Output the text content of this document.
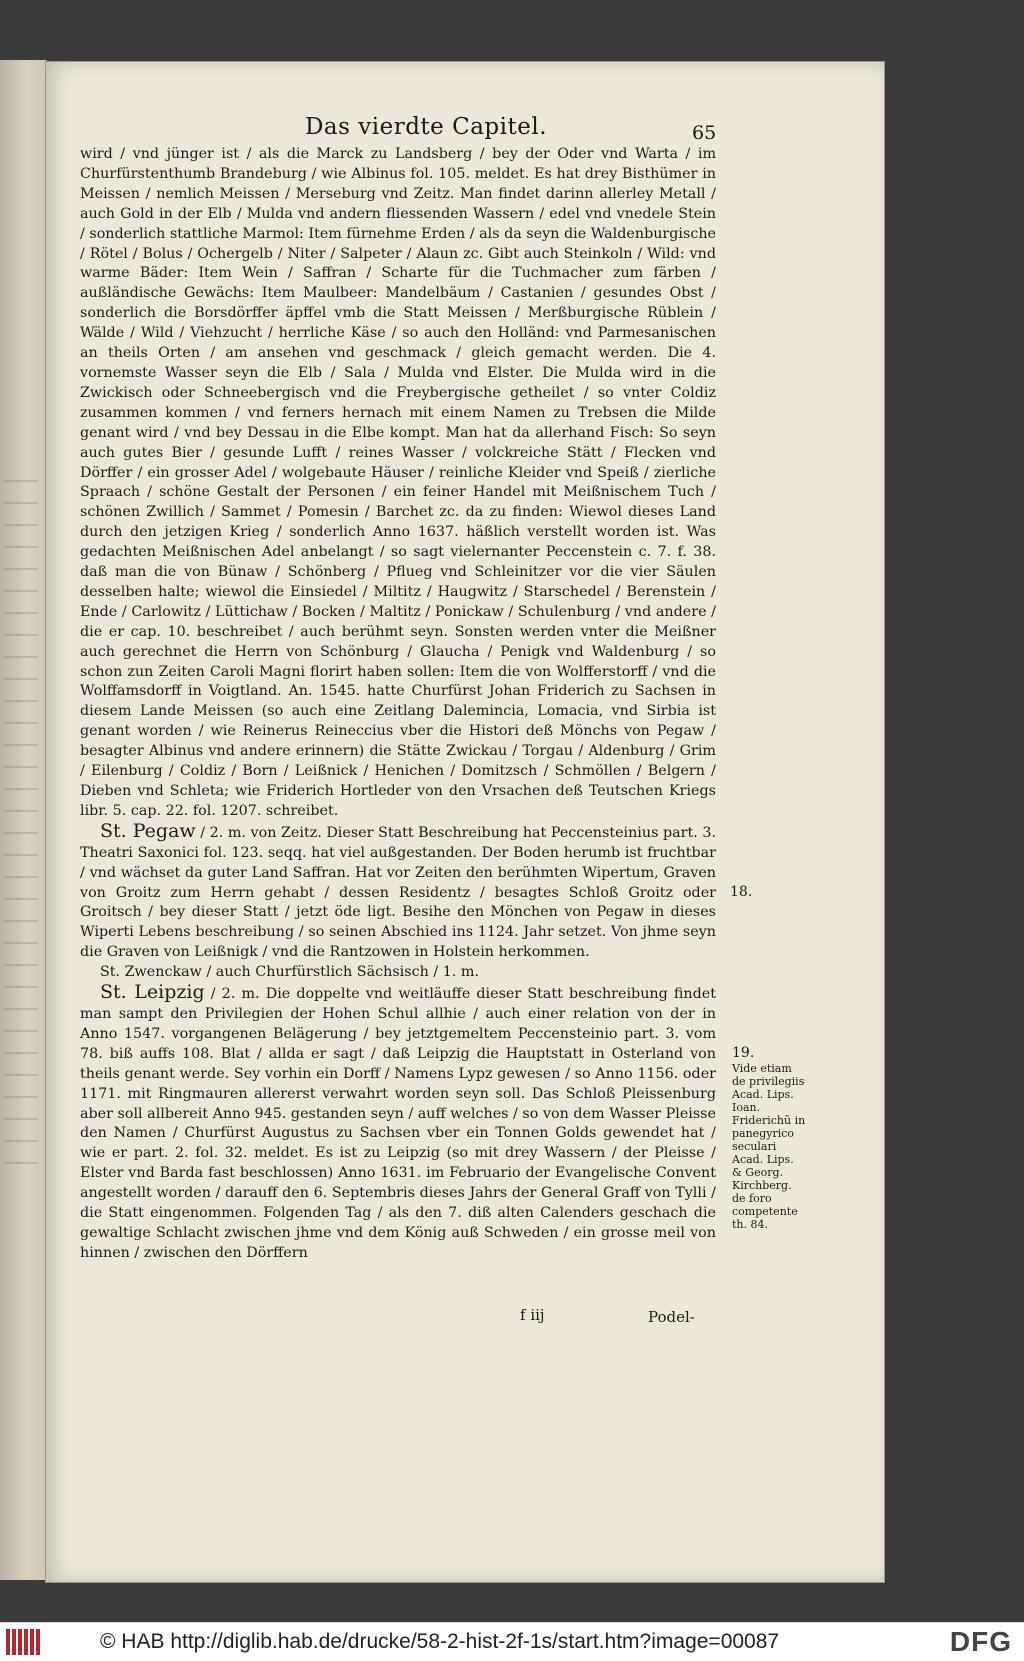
Das vierdte Capitel.	65

wird / vnd jünger ist / als die Marck zu Landsberg / bey der Oder vnd Warta / im Churfürstenthumb Brandeburg / wie Albinus fol. 105. meldet. Es hat drey Bisthümer in Meissen / nemlich Meissen / Merseburg vnd Zeitz. Man findet darinn allerley Metall / auch Gold in der Elb / Mulda vnd andern fliessenden Wassern / edel vnd vnedele Stein / sonderlich stattliche Marmol: Item fürnehme Erden / als da seyn die Waldenburgische / Rötel / Bolus / Ochergelb / Niter / Salpeter / Alaun zc. Gibt auch Steinkoln / Wild: vnd warme Bäder: Item Wein / Saffran / Scharte für die Tuchmacher zum färben / außländische Gewächs: Item Maulbeer: Mandelbäum / Castanien / gesundes Obst / sonderlich die Borsdörffer äpffel vmb die Statt Meissen / Merßburgische Rüblein / Wälde / Wild / Viehzucht / herrliche Käse / so auch den Holländ: vnd Parmesanischen an theils Orten / am ansehen vnd geschmack / gleich gemacht werden. Die 4. vornemste Wasser seyn die Elb / Sala / Mulda vnd Elster. Die Mulda wird in die Zwickisch oder Schneebergisch vnd die Freybergische getheilet / so vnter Coldiz zusammen kommen / vnd ferners hernach mit einem Namen zu Trebsen die Milde genant wird / vnd bey Dessau in die Elbe kompt. Man hat da allerhand Fisch: So seyn auch gutes Bier / gesunde Lufft / reines Wasser / volckreiche Stätt / Flecken vnd Dörffer / ein grosser Adel / wolgebaute Häuser / reinliche Kleider vnd Speiß / zierliche Spraach / schöne Gestalt der Personen / ein feiner Handel mit Meißnischem Tuch / schönen Zwillich / Sammet / Pomesin / Barchet zc. da zu finden: Wiewol dieses Land durch den jetzigen Krieg / sonderlich Anno 1637. häßlich verstellt worden ist. Was gedachten Meißnischen Adel anbelangt / so sagt vielernanter Peccenstein c. 7. f. 38. daß man die von Bünaw / Schönberg / Pflueg vnd Schleinitzer vor die vier Säulen desselben halte; wiewol die Einsiedel / Miltitz / Haugwitz / Starschedel / Berenstein / Ende / Carlowitz / Lüttichaw / Bocken / Maltitz / Ponickaw / Schulenburg / vnd andere / die er cap. 10. beschreibet / auch berühmt seyn. Sonsten werden vnter die Meißner auch gerechnet die Herrn von Schönburg / Glaucha / Penigk vnd Waldenburg / so schon zun Zeiten Caroli Magni florirt haben sollen: Item die von Wolfferstorff / vnd die Wolffamsdorff in Voigtland. An. 1545. hatte Churfürst Johan Friderich zu Sachsen in diesem Lande Meissen (so auch eine Zeitlang Dalemincia, Lomacia, vnd Sirbia ist genant worden / wie Reinerus Reineccius vber die Histori deß Mönchs von Pegaw / besagter Albinus vnd andere erinnern) die Stätte Zwickau / Torgau / Aldenburg / Grim / Eilenburg / Coldiz / Born / Leißnick / Henichen / Domitzsch / Schmöllen / Belgern / Dieben vnd Schleta; wie Friderich Hortleder von den Vrsachen deß Teutschen Kriegs libr. 5. cap. 22. fol. 1207. schreibet.

St. Pegaw / 2. m. von Zeitz. Dieser Statt Beschreibung hat Peccensteinius part. 3. Theatri Saxonici fol. 123. seqq. hat viel außgestanden. Der Boden herumb ist fruchtbar / vnd wächset da guter Land Saffran. Hat vor Zeiten den berühmten Wipertum, Graven von Groitz zum Herrn gehabt / dessen Residentz / besagtes Schloß Groitz oder Groitsch / bey dieser Statt / jetzt öde ligt. Besihe den Mönchen von Pegaw in dieses Wiperti Lebens beschreibung / so seinen Abschied ins 1124. Jahr setzet. Von jhme seyn die Graven von Leißnigk / vnd die Rantzowen in Holstein herkommen.

St. Zwenckaw / auch Churfürstlich Sächsisch / 1. m.

St. Leipzig / 2. m. Die doppelte vnd weitläuffe dieser Statt beschreibung findet man sampt den Privilegien der Hohen Schul allhie / auch einer relation von der in Anno 1547. vorgangenen Belägerung / bey jetztgemeltem Peccensteinio part. 3. vom 78. biß auffs 108. Blat / allda er sagt / daß Leipzig die Hauptstatt in Osterland von theils genant werde. Sey vorhin ein Dorff / Namens Lypz gewesen / so Anno 1156. oder 1171. mit Ringmauren allererst verwahrt worden seyn soll. Das Schloß Pleissenburg aber soll allbereit Anno 945. gestanden seyn / auff welches / so von dem Wasser Pleisse den Namen / Churfürst Augustus zu Sachsen vber ein Tonnen Golds gewendet hat / wie er part. 2. fol. 32. meldet. Es ist zu Leipzig (so mit drey Wassern / der Pleisse / Elster vnd Barda fast beschlossen) Anno 1631. im Februario der Evangelische Convent angestellt worden / darauff den 6. Septembris dieses Jahrs der General Graff von Tylli / die Statt eingenommen. Folgenden Tag / als den 7. diß alten Calenders geschach die gewaltige Schlacht zwischen jhme vnd dem König auß Schweden / ein grosse meil von hinnen / zwischen den Dörffern

18.
19.
Vide etiam de privilegiis Acad. Lips. Ioan. Friderichũ in panegyrico seculari Acad. Lips. & Georg. Kirchberg. de foro competente th. 84.
f iij	Podel-
© HAB http://diglib.hab.de/drucke/58-2-hist-2f-1s/start.htm?image=00087	DFG
